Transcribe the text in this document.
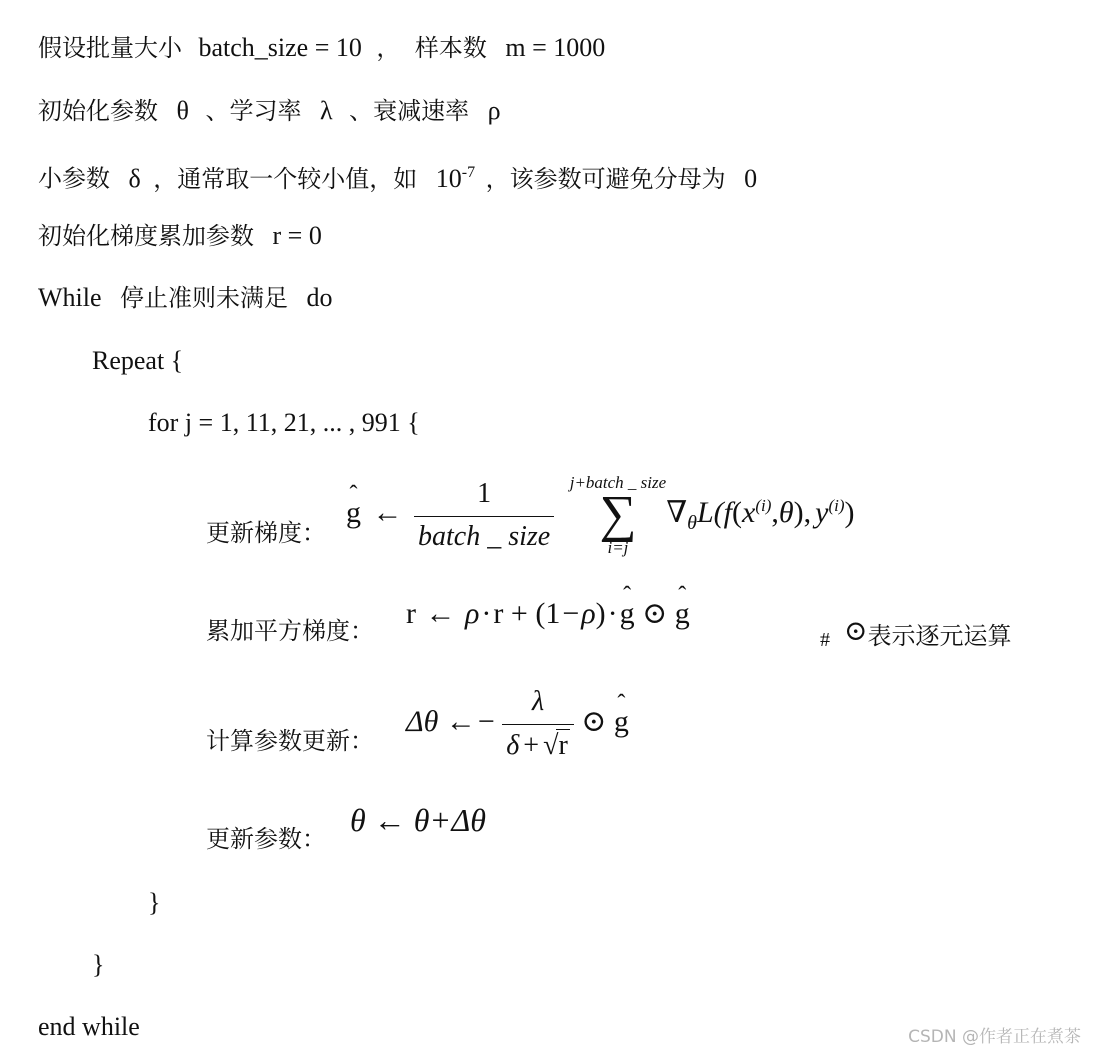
假设批量大小 batch_size = 10 ， 样本数 m = 1000
初始化参数 θ 、学习率 λ 、衰减速率 ρ
小参数 δ ，通常取一个较小值，如 $10^{-7}$ ，该参数可避免分母为 0
初始化梯度累加参数 r = 0
While 停止准则未满足 do
Repeat {
for j = 1, 11, 21, ... , 991 {
更新梯度：
ˆ g ← $\frac{1}{\text{batch \_ size}}$
j+batch _ size
∑
i=j
$\nabla_\theta L(f(x^{(i)},\theta)$, $y^{(i)}$)
累加平方梯度：
r ← ρ·r + (1−ρ)·ˆ g ⊙ ˆ g
# ⊙表示逐元运算
计算参数更新：
Δθ ←− $\frac{\lambda}{\delta + √r}$ ⊙ ˆ g
更新参数：
θ ← θ+Δθ
}
}
end while	CSDN @作者正在煮茶
